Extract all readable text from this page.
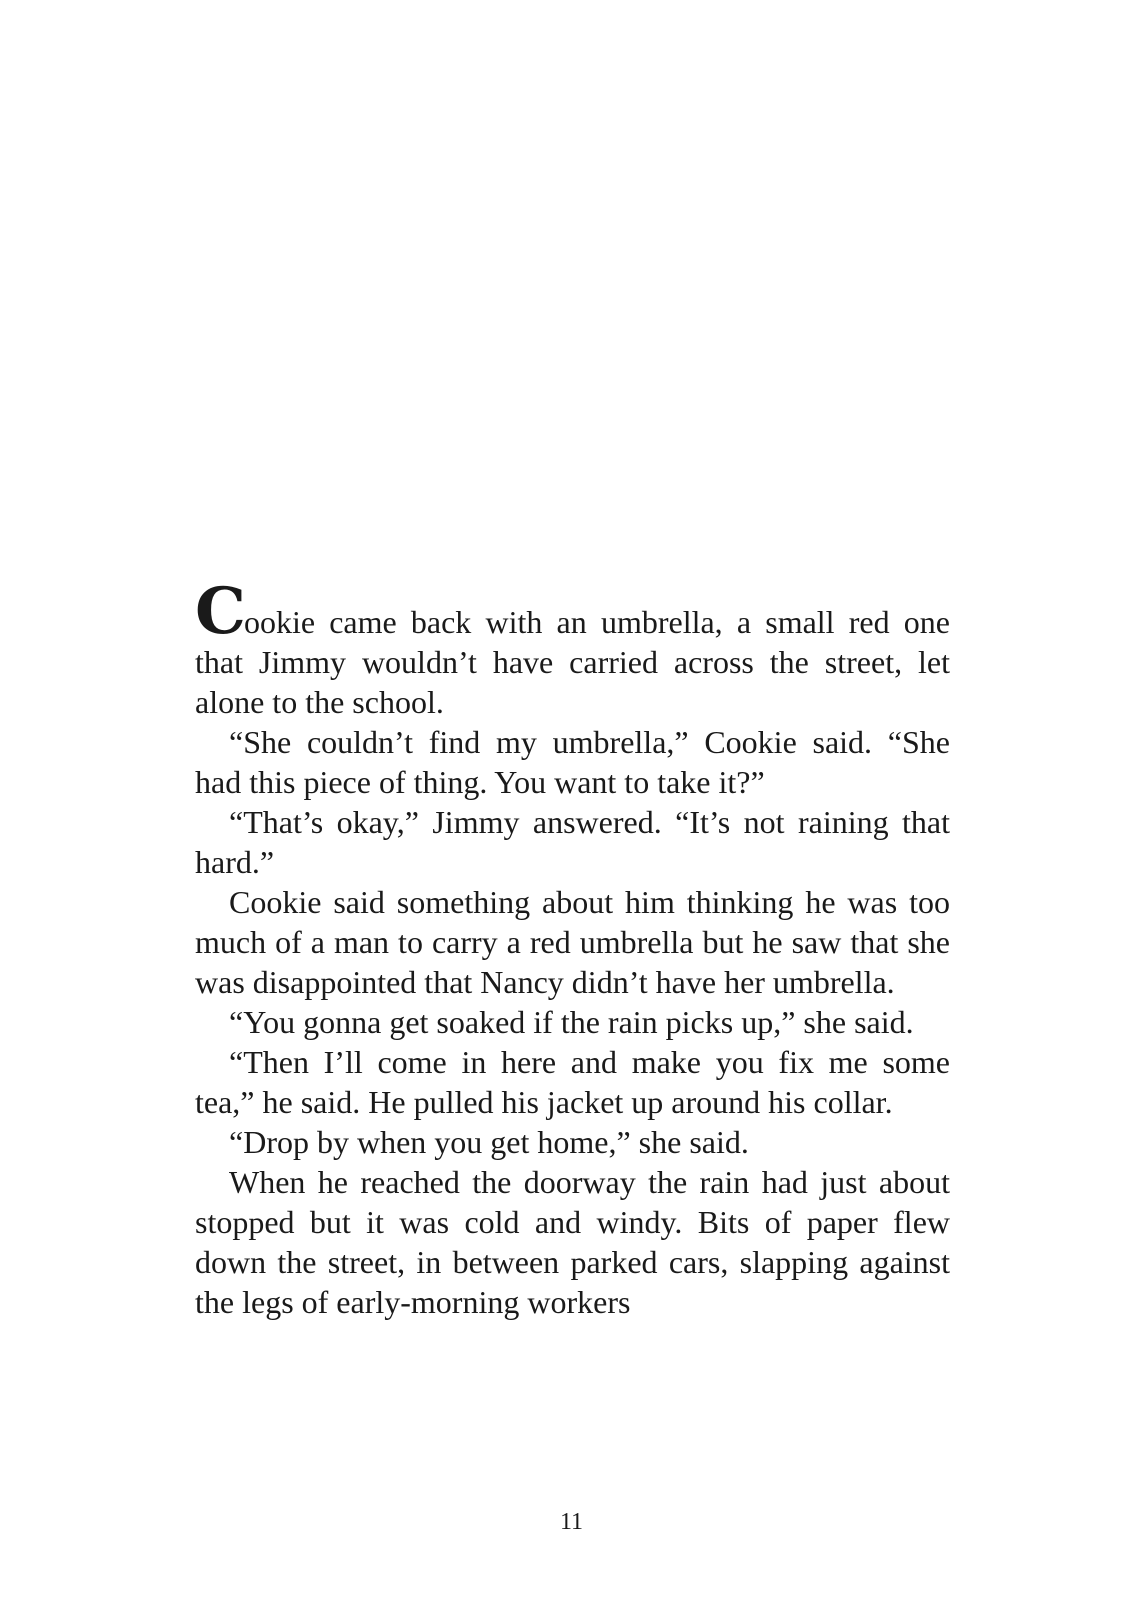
Cookie came back with an umbrella, a small red one that Jimmy wouldn’t have carried across the street, let alone to the school.

“She couldn’t find my umbrella,” Cookie said. “She had this piece of thing. You want to take it?”

“That’s okay,” Jimmy answered. “It’s not raining that hard.”

Cookie said something about him thinking he was too much of a man to carry a red umbrella but he saw that she was disappointed that Nancy didn’t have her umbrella.

“You gonna get soaked if the rain picks up,” she said.

“Then I’ll come in here and make you fix me some tea,” he said. He pulled his jacket up around his collar.

“Drop by when you get home,” she said.

When he reached the doorway the rain had just about stopped but it was cold and windy. Bits of paper flew down the street, in between parked cars, slapping against the legs of early-morning workers

11
